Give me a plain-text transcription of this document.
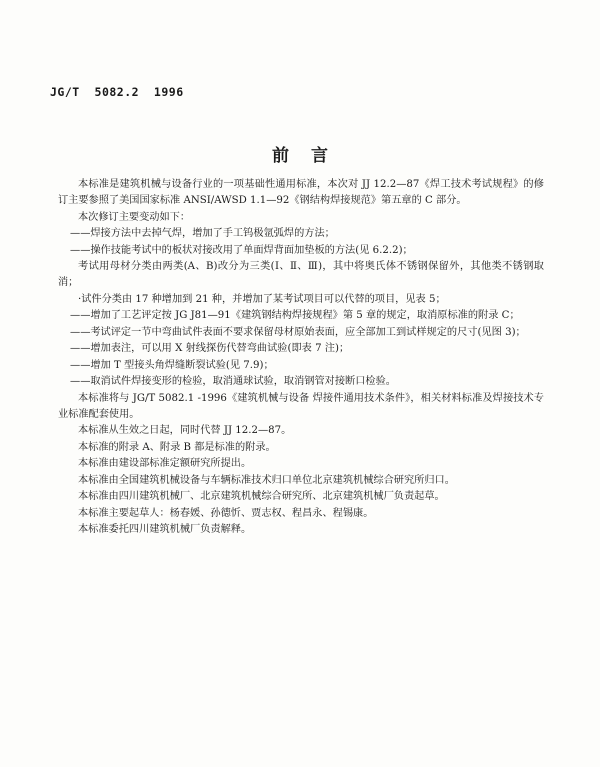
JG/T  5082.2  1996
前言

本标准是建筑机械与设备行业的一项基础性通用标准，本次对 JJ 12.2—87《焊工技术考试规程》的修订主要参照了美国国家标准 ANSI/AWSD 1.1—92《钢结构焊接规范》第五章的 C 部分。

本次修订主要变动如下：

——焊接方法中去掉气焊，增加了手工钨极氩弧焊的方法；

——操作技能考试中的板状对接改用了单面焊背面加垫板的方法(见 6.2.2)；

考试用母材分类由两类(A、B)改分为三类(Ⅰ、Ⅱ、Ⅲ)，其中将奥氏体不锈钢保留外，其他类不锈钢取消；

·试件分类由 17 种增加到 21 种，并增加了某考试项目可以代替的项目，见表 5；

——增加了工艺评定按 JG J81—91《建筑钢结构焊接规程》第 5 章的规定，取消原标准的附录 C；

——考试评定一节中弯曲试件表面不要求保留母材原始表面，应全部加工到试样规定的尺寸(见图 3)；

——增加表注，可以用 X 射线探伤代替弯曲试验(即表 7 注)；

——增加 T 型接头角焊缝断裂试验(见 7.9)；

——取消试件焊接变形的检验，取消通球试验，取消钢管对接断口检验。

本标准将与 JG/T 5082.1 -1996《建筑机械与设备 焊接件通用技术条件》，相关材料标准及焊接技术专业标准配套使用。

本标准从生效之日起，同时代替 JJ 12.2—87。

本标准的附录 A、附录 B 都是标准的附录。

本标准由建设部标准定额研究所提出。

本标准由全国建筑机械设备与车辆标准技术归口单位北京建筑机械综合研究所归口。

本标准由四川建筑机械厂、北京建筑机械综合研究所、北京建筑机械厂负责起草。

本标准主要起草人：杨春媛、孙德忻、贾志权、程昌永、程锡康。

本标准委托四川建筑机械厂负责解释。
